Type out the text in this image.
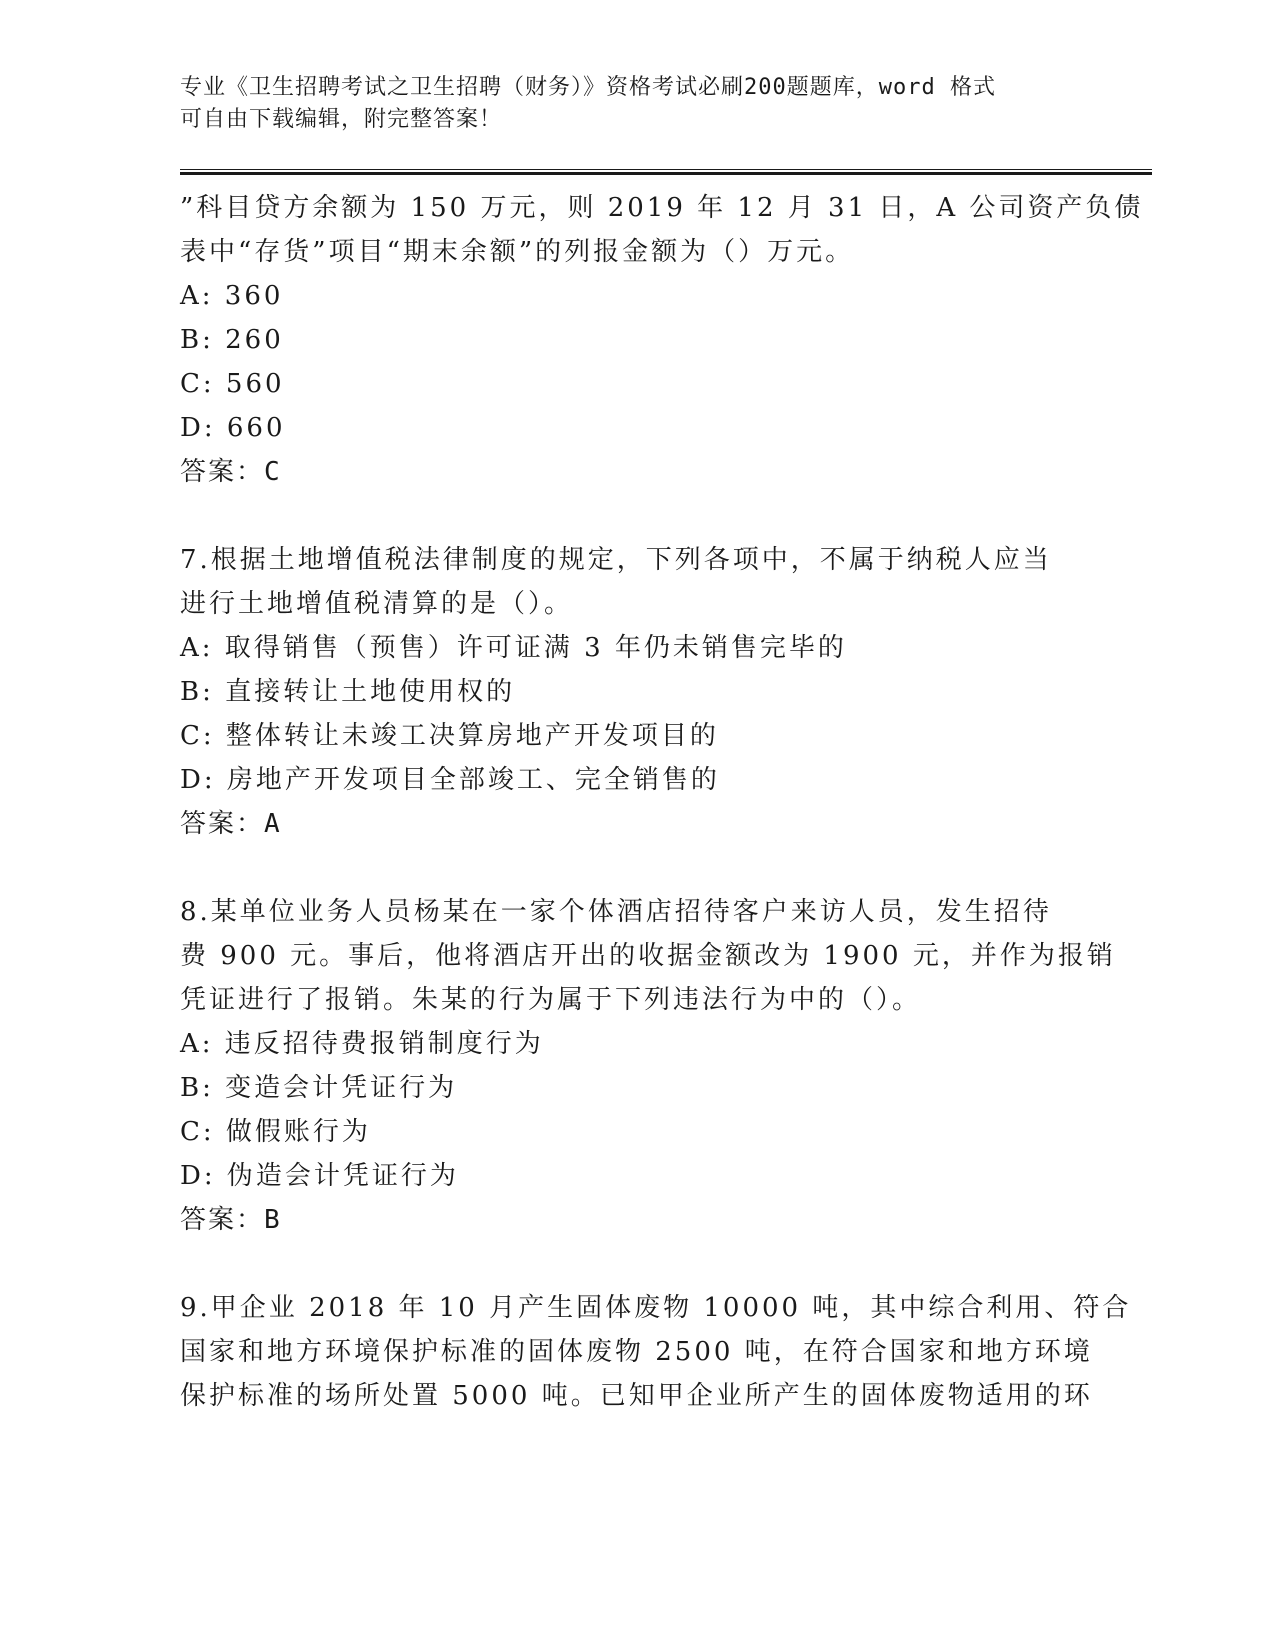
专业《卫生招聘考试之卫生招聘（财务）》资格考试必刷200题题库，word 格式
可自由下载编辑，附完整答案！
”科目贷方余额为 150 万元，则 2019 年 12 月 31 日，A 公司资产负债
表中“存货”项目“期末余额”的列报金额为（）万元。
A: 360
B: 260
C: 560
D: 660
答案：C
7.根据土地增值税法律制度的规定，下列各项中，不属于纳税人应当
进行土地增值税清算的是（）。
A: 取得销售（预售）许可证满 3 年仍未销售完毕的
B: 直接转让土地使用权的
C: 整体转让未竣工决算房地产开发项目的
D: 房地产开发项目全部竣工、完全销售的
答案：A
8.某单位业务人员杨某在一家个体酒店招待客户来访人员，发生招待
费 900 元。事后，他将酒店开出的收据金额改为 1900 元，并作为报销
凭证进行了报销。朱某的行为属于下列违法行为中的（）。
A: 违反招待费报销制度行为
B: 变造会计凭证行为
C: 做假账行为
D: 伪造会计凭证行为
答案：B
9.甲企业 2018 年 10 月产生固体废物 10000 吨，其中综合利用、符合
国家和地方环境保护标准的固体废物 2500 吨，在符合国家和地方环境
保护标准的场所处置 5000 吨。已知甲企业所产生的固体废物适用的环
